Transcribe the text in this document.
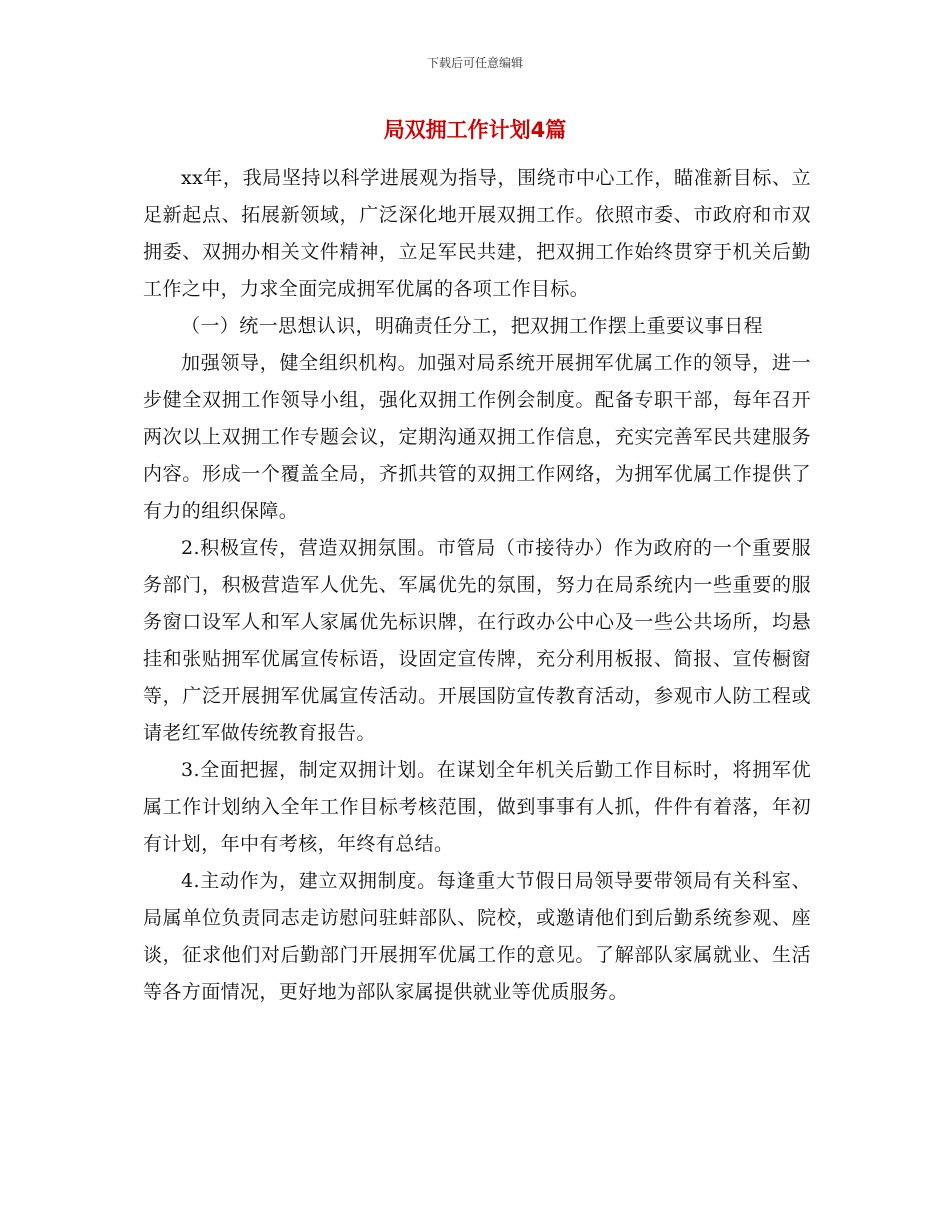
下载后可任意编辑
局双拥工作计划4篇

xx年，我局坚持以科学进展观为指导，围绕市中心工作，瞄准新目标、立足新起点、拓展新领域，广泛深化地开展双拥工作。依照市委、市政府和市双拥委、双拥办相关文件精神，立足军民共建，把双拥工作始终贯穿于机关后勤工作之中，力求全面完成拥军优属的各项工作目标。

（一）统一思想认识，明确责任分工，把双拥工作摆上重要议事日程

加强领导，健全组织机构。加强对局系统开展拥军优属工作的领导，进一步健全双拥工作领导小组，强化双拥工作例会制度。配备专职干部，每年召开两次以上双拥工作专题会议，定期沟通双拥工作信息，充实完善军民共建服务内容。形成一个覆盖全局，齐抓共管的双拥工作网络，为拥军优属工作提供了有力的组织保障。

2.积极宣传，营造双拥氛围。市管局（市接待办）作为政府的一个重要服务部门，积极营造军人优先、军属优先的氛围，努力在局系统内一些重要的服务窗口设军人和军人家属优先标识牌，在行政办公中心及一些公共场所，均悬挂和张贴拥军优属宣传标语，设固定宣传牌，充分利用板报、简报、宣传橱窗等，广泛开展拥军优属宣传活动。开展国防宣传教育活动，参观市人防工程或请老红军做传统教育报告。

3.全面把握，制定双拥计划。在谋划全年机关后勤工作目标时，将拥军优属工作计划纳入全年工作目标考核范围，做到事事有人抓，件件有着落，年初有计划，年中有考核，年终有总结。

4.主动作为，建立双拥制度。每逢重大节假日局领导要带领局有关科室、局属单位负责同志走访慰问驻蚌部队、院校，或邀请他们到后勤系统参观、座谈，征求他们对后勤部门开展拥军优属工作的意见。了解部队家属就业、生活等各方面情况，更好地为部队家属提供就业等优质服务。
